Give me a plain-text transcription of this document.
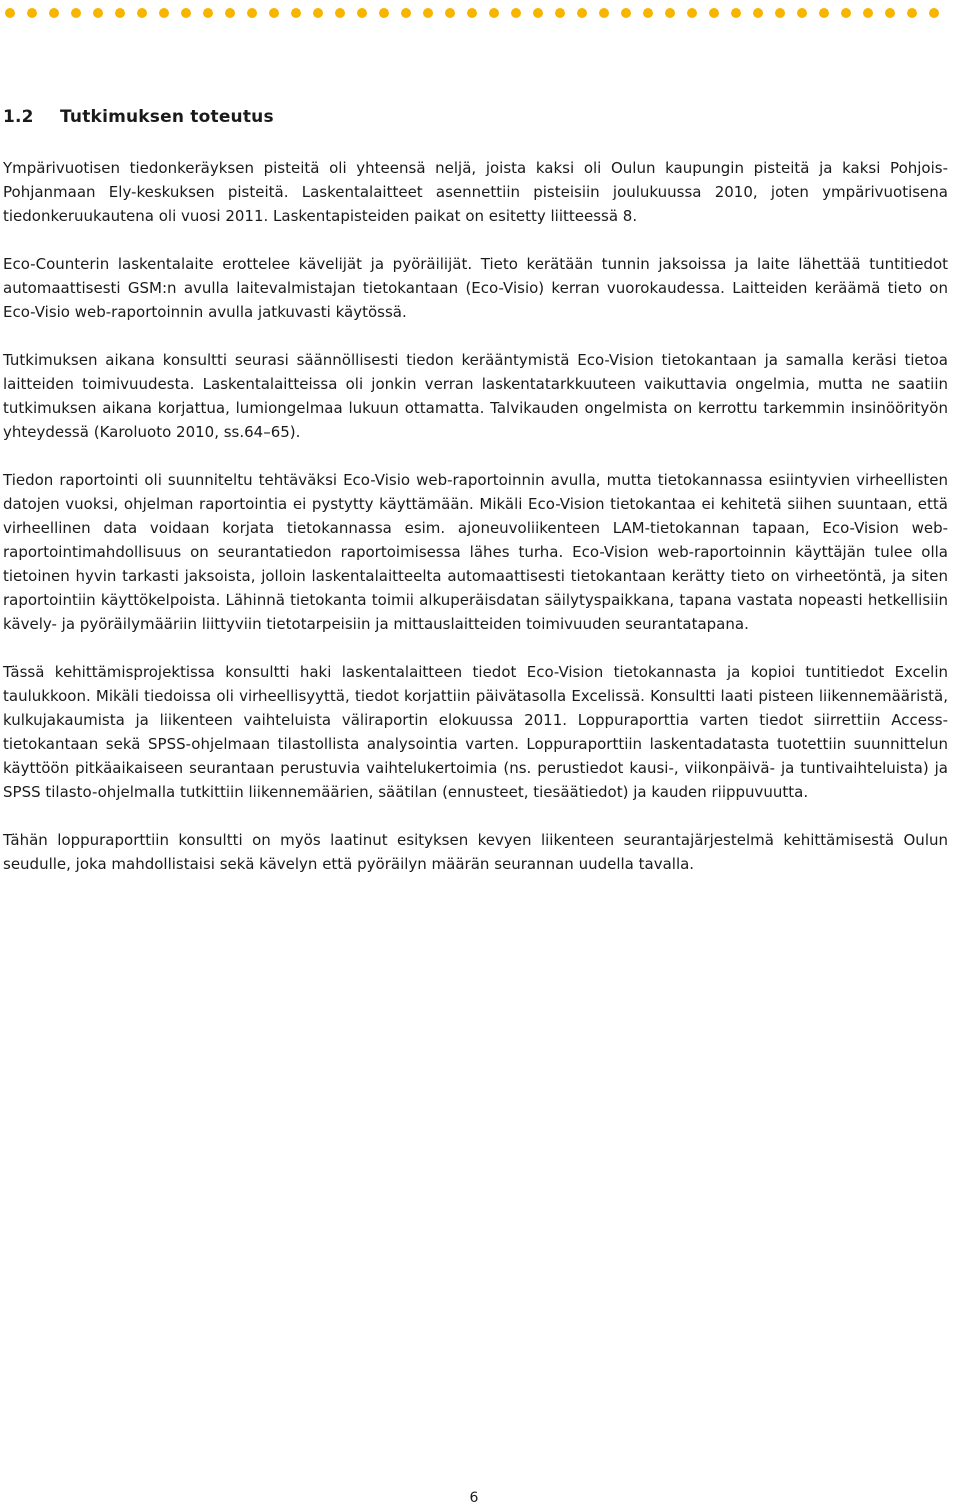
1.2 Tutkimuksen toteutus

Ympärivuotisen tiedonkeräyksen pisteitä oli yhteensä neljä, joista kaksi oli Oulun kaupungin pisteitä ja kaksi Pohjois-Pohjanmaan Ely-keskuksen pisteitä. Laskentalaitteet asennettiin pisteisiin joulukuussa 2010, joten ympärivuotisena tiedonkeruukautena oli vuosi 2011. Laskentapisteiden paikat on esitetty liitteessä 8.

Eco-Counterin laskentalaite erottelee kävelijät ja pyöräilijät. Tieto kerätään tunnin jaksoissa ja laite lähettää tuntitiedot automaattisesti GSM:n avulla laitevalmistajan tietokantaan (Eco-Visio) kerran vuorokaudessa. Laitteiden keräämä tieto on Eco-Visio web-raportoinnin avulla jatkuvasti käytössä.

Tutkimuksen aikana konsultti seurasi säännöllisesti tiedon kerääntymistä Eco-Vision tietokantaan ja samalla keräsi tietoa laitteiden toimivuudesta. Laskentalaitteissa oli jonkin verran laskentatarkkuuteen vaikuttavia ongelmia, mutta ne saatiin tutkimuksen aikana korjattua, lumiongelmaa lukuun ottamatta. Talvikauden ongelmista on kerrottu tarkemmin insinöörityön yhteydessä (Karoluoto 2010, ss.64–65).

Tiedon raportointi oli suunniteltu tehtäväksi Eco-Visio web-raportoinnin avulla, mutta tietokannassa esiintyvien virheellisten datojen vuoksi, ohjelman raportointia ei pystytty käyttämään. Mikäli Eco-Vision tietokantaa ei kehitetä siihen suuntaan, että virheellinen data voidaan korjata tietokannassa esim. ajoneuvoliikenteen LAM-tietokannan tapaan, Eco-Vision web-raportointimahdollisuus on seurantatiedon raportoimisessa lähes turha. Eco-Vision web-raportoinnin käyttäjän tulee olla tietoinen hyvin tarkasti jaksoista, jolloin laskentalaitteelta automaattisesti tietokantaan kerätty tieto on virheetöntä, ja siten raportointiin käyttökelpoista. Lähinnä tietokanta toimii alkuperäisdatan säilytyspaikkana, tapana vastata nopeasti hetkellisiin kävely- ja pyöräilymääriin liittyviin tietotarpeisiin ja mittauslaitteiden toimivuuden seurantatapana.

Tässä kehittämisprojektissa konsultti haki laskentalaitteen tiedot Eco-Vision tietokannasta ja kopioi tuntitiedot Excelin taulukkoon. Mikäli tiedoissa oli virheellisyyttä, tiedot korjattiin päivätasolla Excelissä. Konsultti laati pisteen liikennemääristä, kulkujakaumista ja liikenteen vaihteluista väliraportin elokuussa 2011. Loppuraporttia varten tiedot siirrettiin Access-tietokantaan sekä SPSS-ohjelmaan tilastollista analysointia varten. Loppuraporttiin laskentadatasta tuotettiin suunnittelun käyttöön pitkäaikaiseen seurantaan perustuvia vaihtelukertoimia (ns. perustiedot kausi-, viikonpäivä- ja tuntivaihteluista) ja SPSS tilasto-ohjelmalla tutkittiin liikennemäärien, säätilan (ennusteet, tiesäätiedot) ja kauden riippuvuutta.

Tähän loppuraporttiin konsultti on myös laatinut esityksen kevyen liikenteen seurantajärjestelmä kehittämisestä Oulun seudulle, joka mahdollistaisi sekä kävelyn että pyöräilyn määrän seurannan uudella tavalla.

6
